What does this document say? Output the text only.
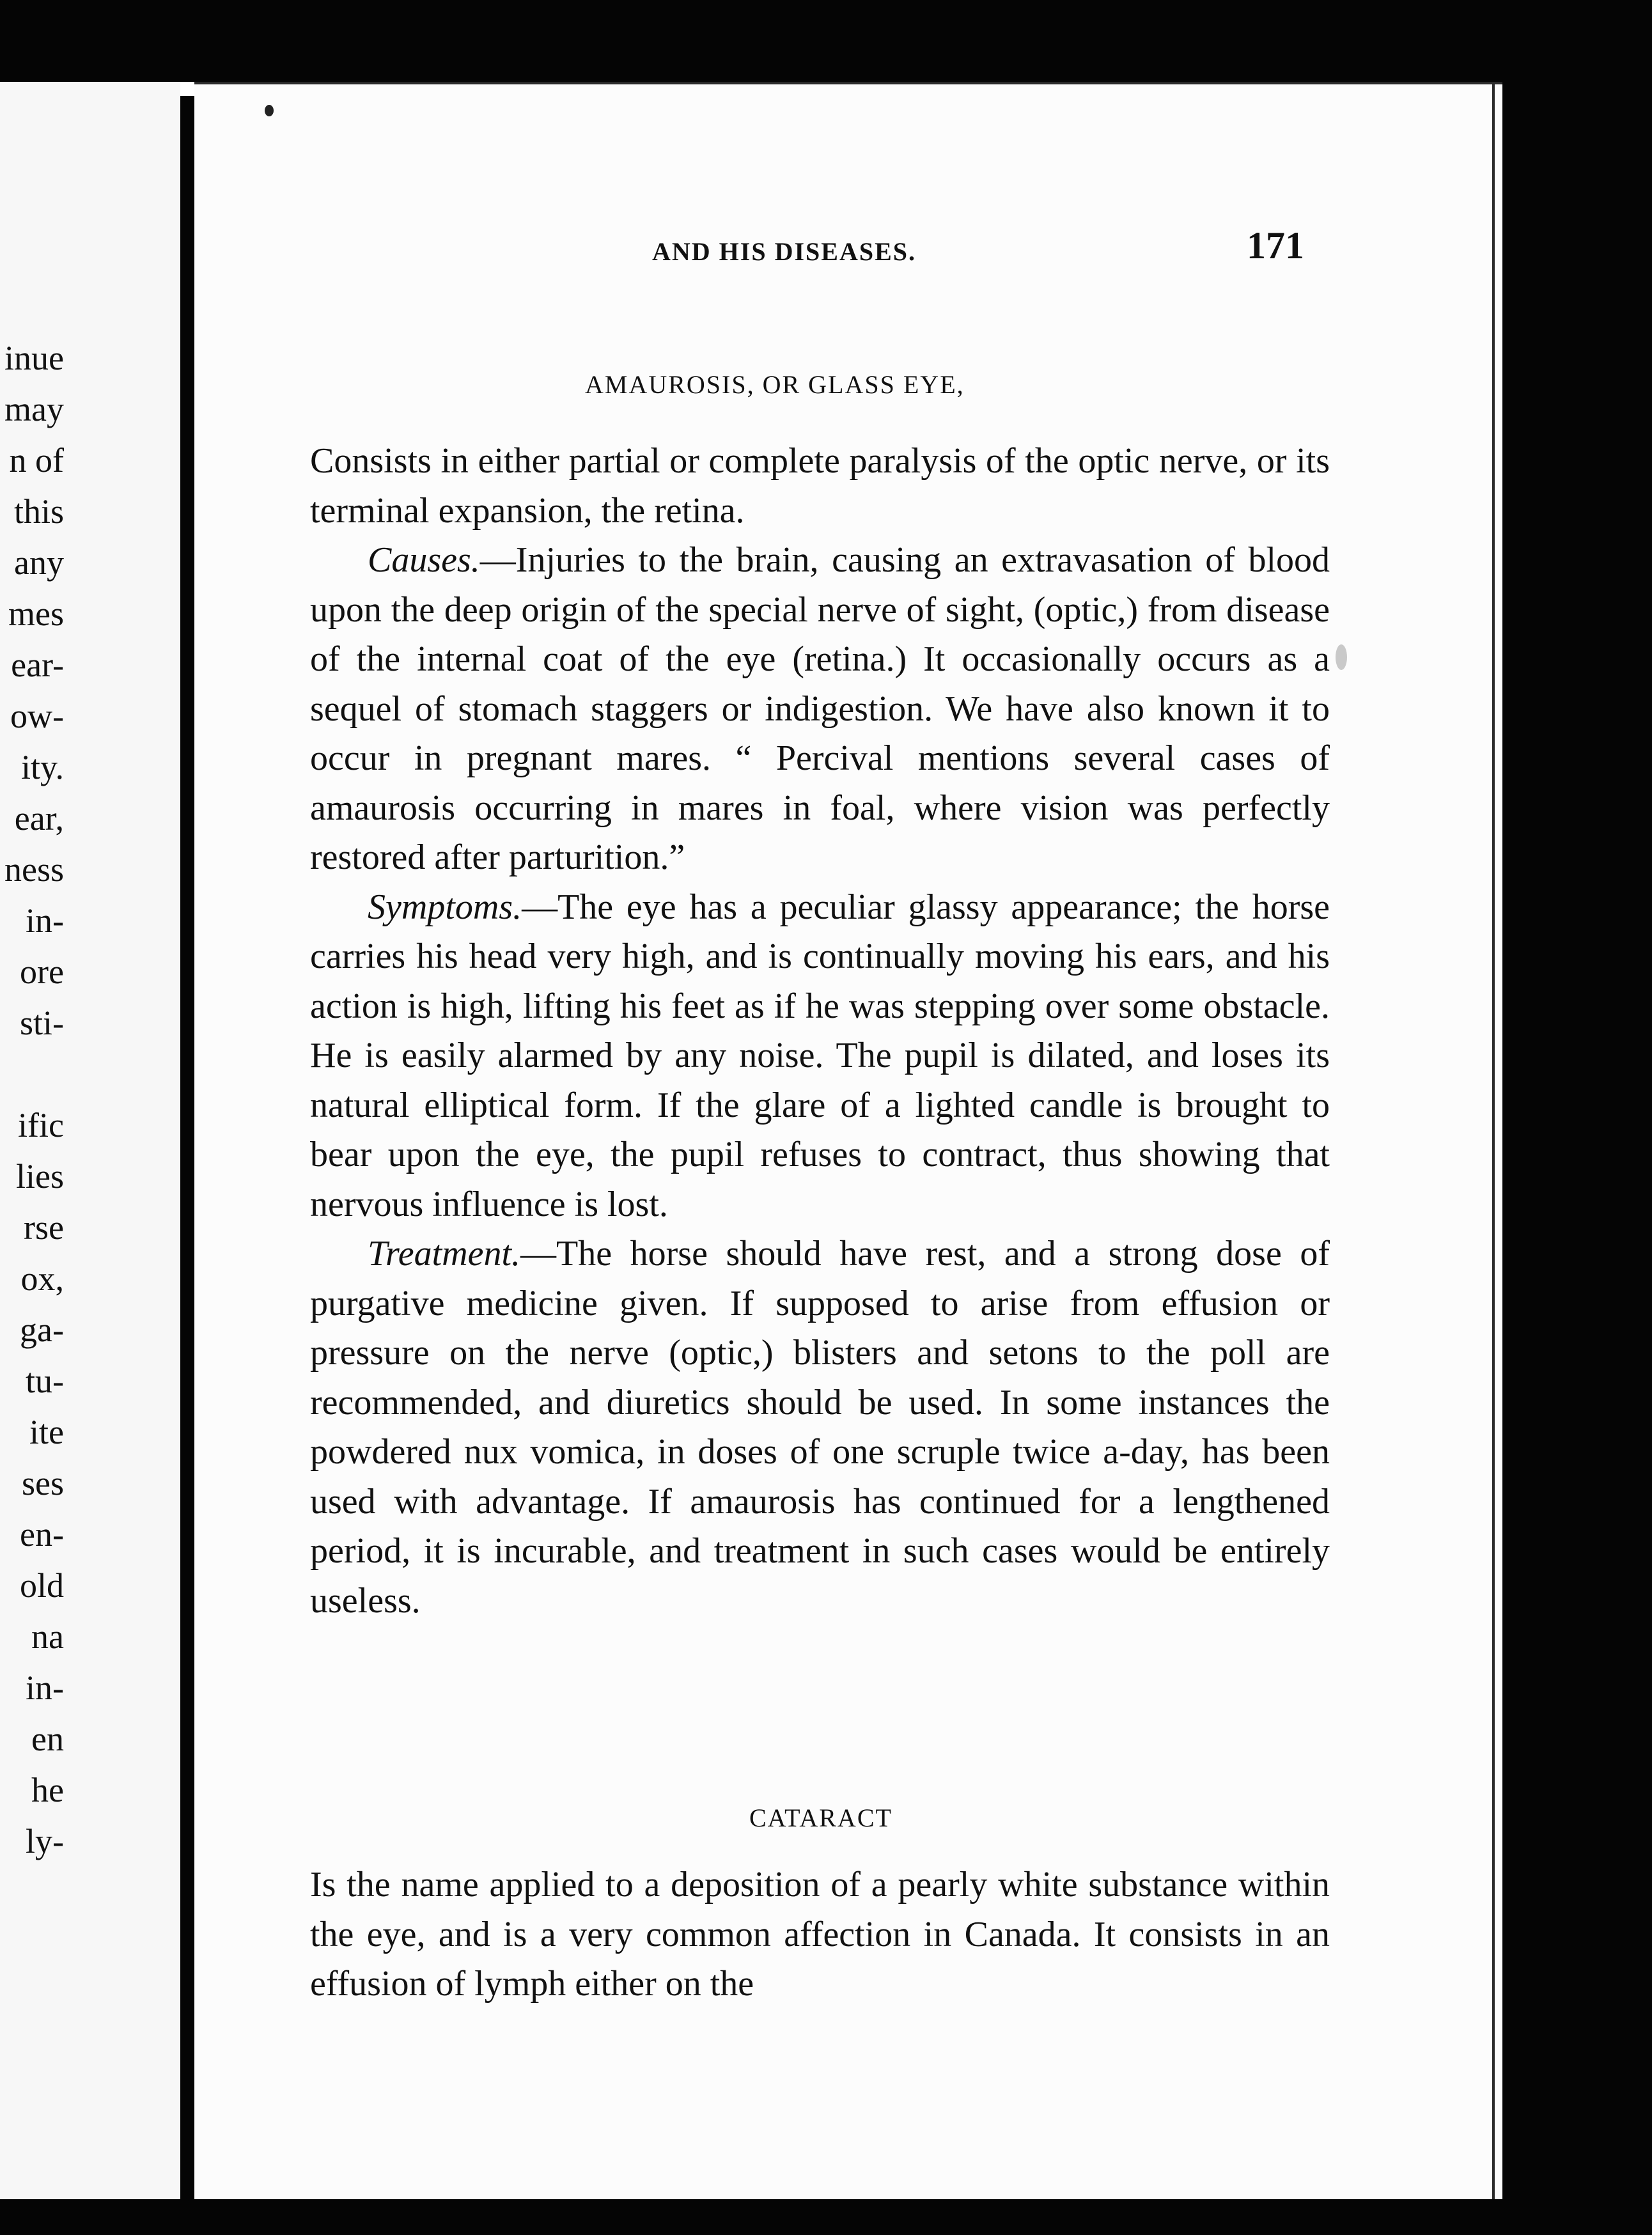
inue
may
n of
this
any
mes
ear-
ow-
ity.
ear,
ness
in-
ore
sti-
ific
lies
rse
ox,
ga-
tu-
ite
ses
en-
old
na
in-
en
he
ly-
AND HIS DISEASES.	171
AMAUROSIS, OR GLASS EYE,

Consists in either partial or complete paralysis of the optic nerve, or its terminal expansion, the retina.

Causes.—Injuries to the brain, causing an extravasation of blood upon the deep origin of the special nerve of sight, (optic,) from disease of the internal coat of the eye (retina.) It occasionally occurs as a sequel of stomach staggers or indigestion. We have also known it to occur in pregnant mares. “ Percival mentions several cases of amaurosis occurring in mares in foal, where vision was perfectly restored after parturition.”

Symptoms.—The eye has a peculiar glassy appearance; the horse carries his head very high, and is continually moving his ears, and his action is high, lifting his feet as if he was stepping over some obstacle. He is easily alarmed by any noise. The pupil is dilated, and loses its natural elliptical form. If the glare of a lighted candle is brought to bear upon the eye, the pupil refuses to contract, thus showing that nervous influence is lost.

Treatment.—The horse should have rest, and a strong dose of purgative medicine given. If supposed to arise from effusion or pressure on the nerve (optic,) blisters and setons to the poll are recommended, and diuretics should be used. In some instances the powdered nux vomica, in doses of one scruple twice a-day, has been used with advantage. If amaurosis has continued for a lengthened period, it is incurable, and treatment in such cases would be entirely useless.

CATARACT

Is the name applied to a deposition of a pearly white substance within the eye, and is a very common affection in Canada. It consists in an effusion of lymph either on the
